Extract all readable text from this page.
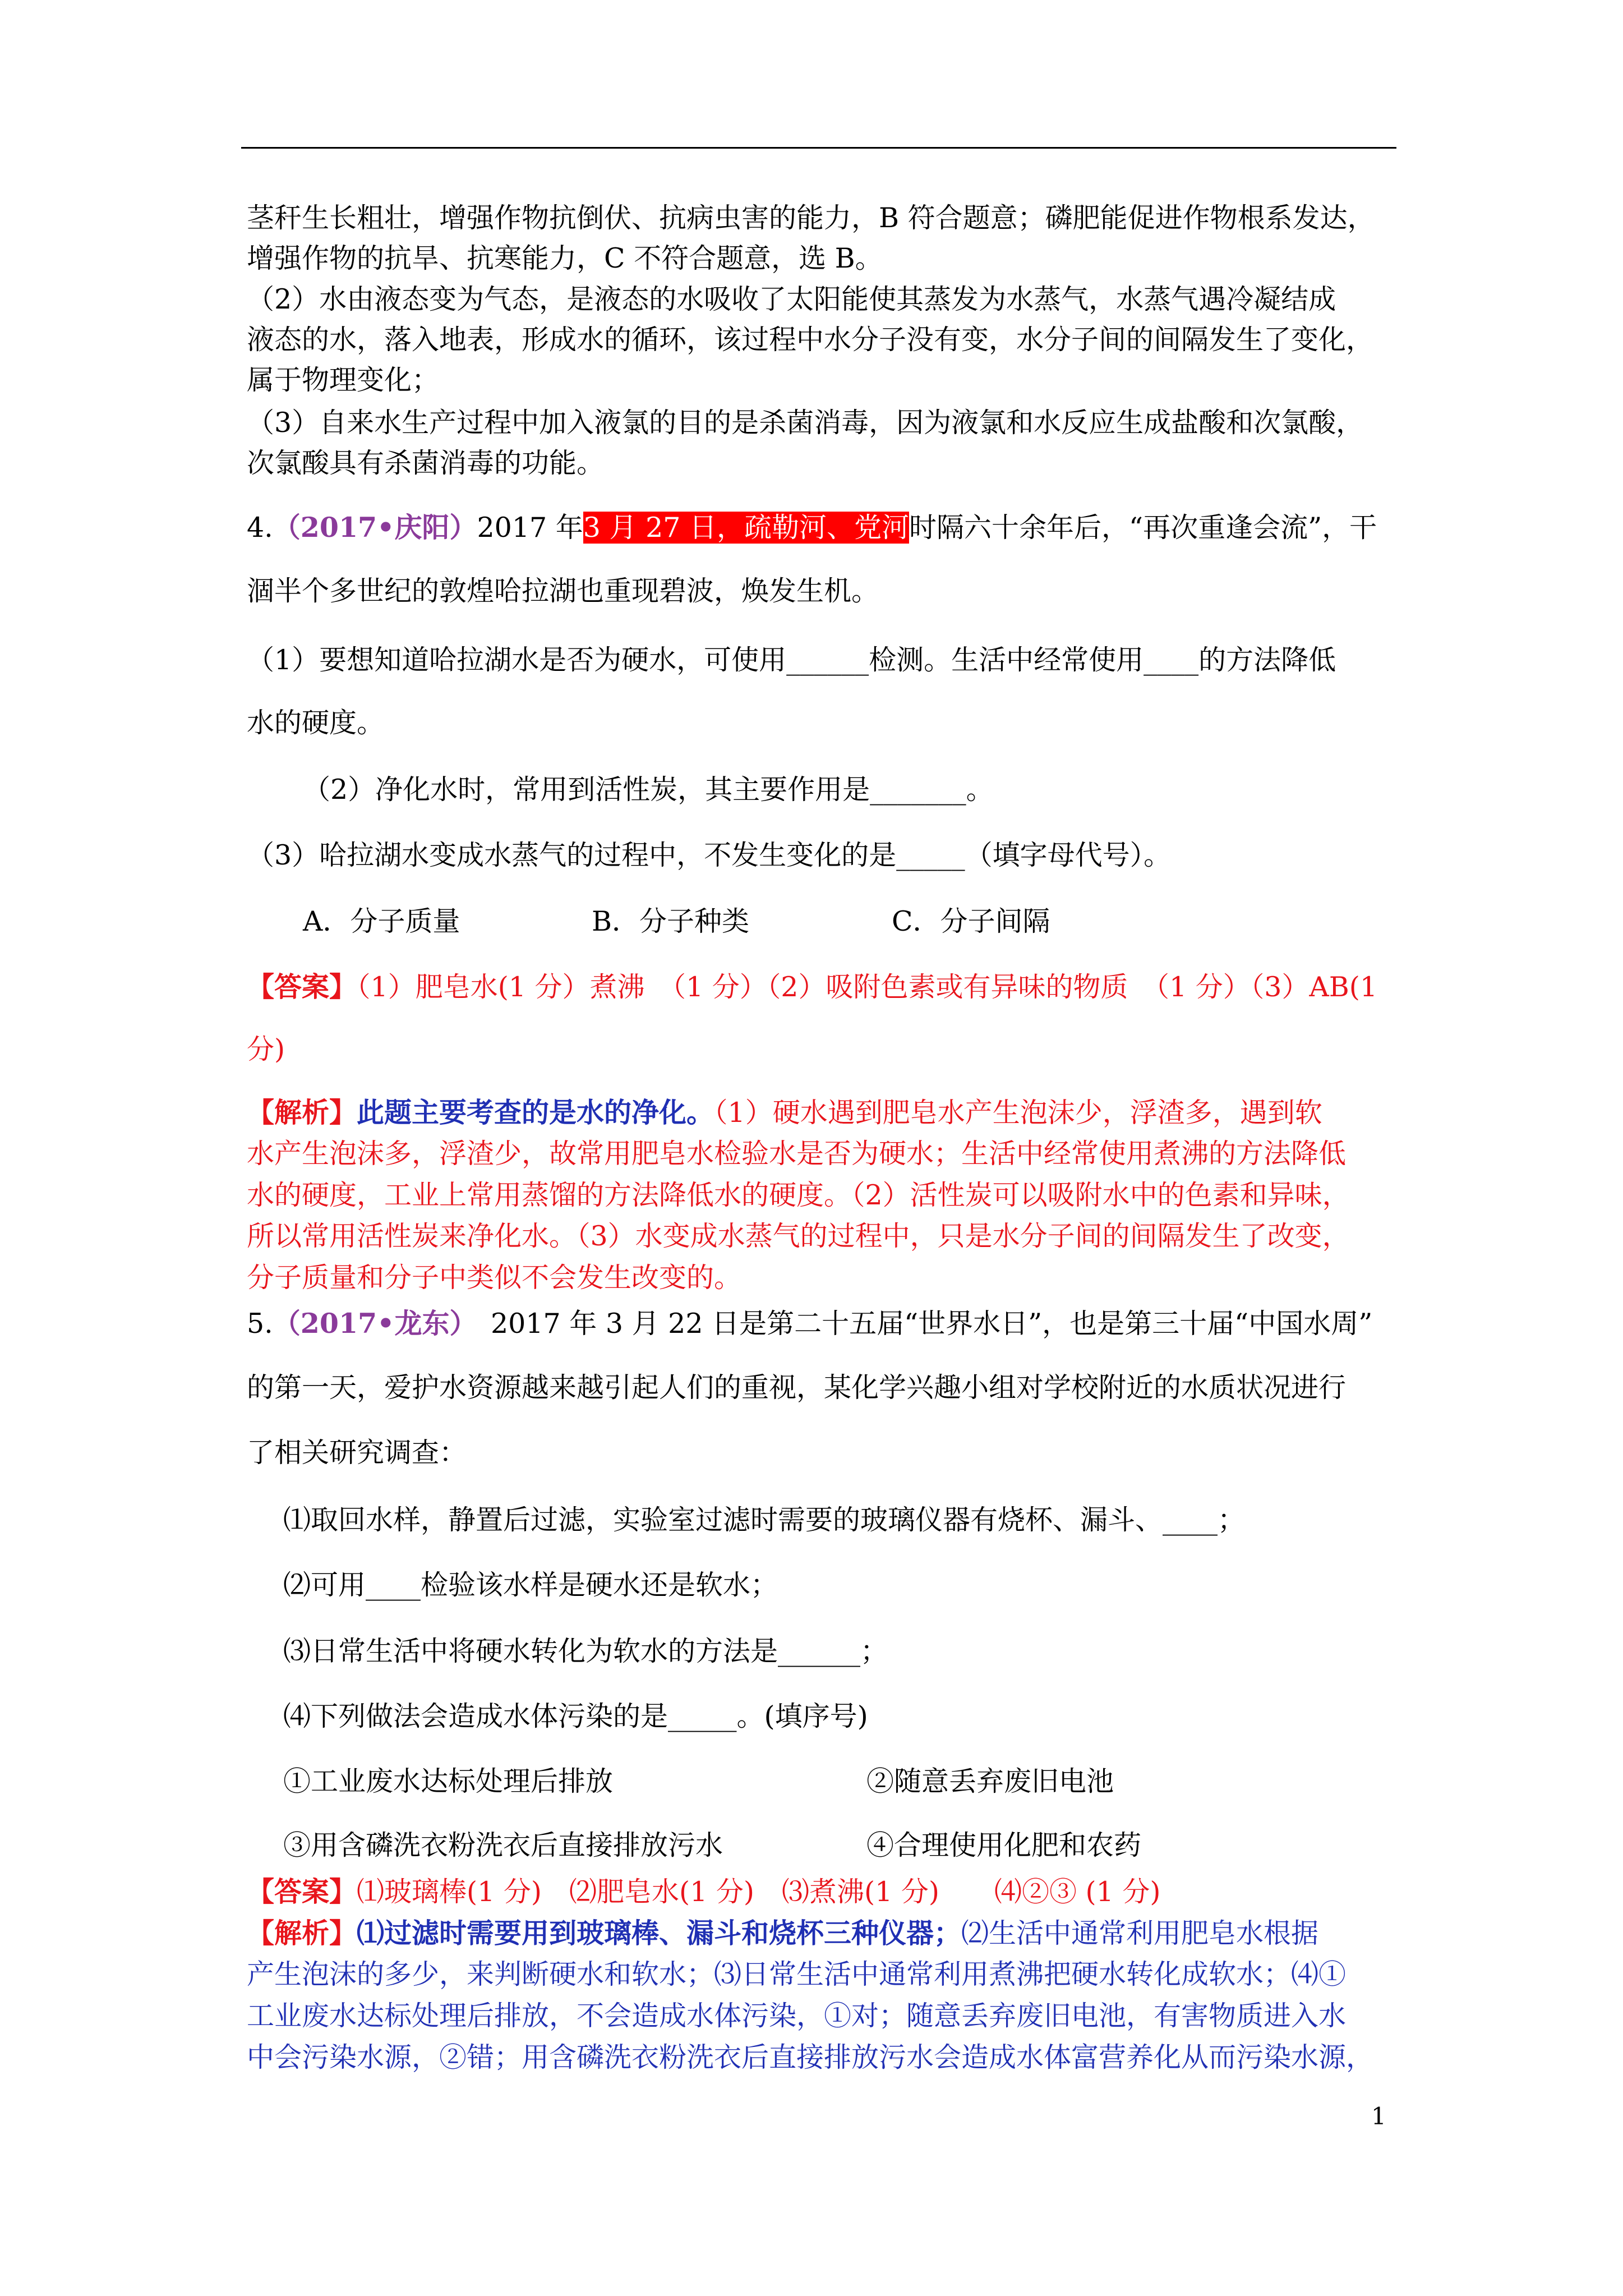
茎秆生长粗壮，增强作物抗倒伏、抗病虫害的能力，B 符合题意；磷肥能促进作物根系发达，
增强作物的抗旱、抗寒能力，C 不符合题意，选 B。
（2）水由液态变为气态，是液态的水吸收了太阳能使其蒸发为水蒸气，水蒸气遇冷凝结成
液态的水，落入地表，形成水的循环，该过程中水分子没有变，水分子间的间隔发生了变化，
属于物理变化；
（3）自来水生产过程中加入液氯的目的是杀菌消毒，因为液氯和水反应生成盐酸和次氯酸，
次氯酸具有杀菌消毒的功能。
4.（2017•庆阳）2017 年3 月 27 日，疏勒河、党河时隔六十余年后，“再次重逢会流”，干
涸半个多世纪的敦煌哈拉湖也重现碧波，焕发生机。
（1）要想知道哈拉湖水是否为硬水，可使用______检测。生活中经常使用____的方法降低
水的硬度。
（2）净化水时，常用到活性炭，其主要作用是_______。
（3）哈拉湖水变成水蒸气的过程中，不发生变化的是_____（填字母代号）。
A．分子质量	B．分子种类	C．分子间隔
【答案】（1）肥皂水(1 分）煮沸　（1 分）（2）吸附色素或有异味的物质　（1 分）（3）AB(1
分)
【解析】此题主要考查的是水的净化。（1）硬水遇到肥皂水产生泡沫少，浮渣多，遇到软
水产生泡沫多，浮渣少，故常用肥皂水检验水是否为硬水；生活中经常使用煮沸的方法降低
水的硬度，工业上常用蒸馏的方法降低水的硬度。（2）活性炭可以吸附水中的色素和异味，
所以常用活性炭来净化水。（3）水变成水蒸气的过程中，只是水分子间的间隔发生了改变，
分子质量和分子中类似不会发生改变的。
5.（2017•龙东）　2017 年 3 月 22 日是第二十五届“世界水日”，也是第三十届“中国水周”
的第一天，爱护水资源越来越引起人们的重视，某化学兴趣小组对学校附近的水质状况进行
了相关研究调查：
⑴取回水样，静置后过滤，实验室过滤时需要的玻璃仪器有烧杯、漏斗、____；
⑵可用____检验该水样是硬水还是软水；
⑶日常生活中将硬水转化为软水的方法是______；
⑷下列做法会造成水体污染的是_____。(填序号)
①工业废水达标处理后排放	②随意丢弃废旧电池
③用含磷洗衣粉洗衣后直接排放污水	④合理使用化肥和农药
【答案】⑴玻璃棒(1 分)　⑵肥皂水(1 分)　⑶煮沸(1 分)　　⑷②③ (1 分)
【解析】⑴过滤时需要用到玻璃棒、漏斗和烧杯三种仪器；⑵生活中通常利用肥皂水根据
产生泡沫的多少，来判断硬水和软水；⑶日常生活中通常利用煮沸把硬水转化成软水；⑷①
工业废水达标处理后排放，不会造成水体污染，①对；随意丢弃废旧电池，有害物质进入水
中会污染水源，②错；用含磷洗衣粉洗衣后直接排放污水会造成水体富营养化从而污染水源，
1
